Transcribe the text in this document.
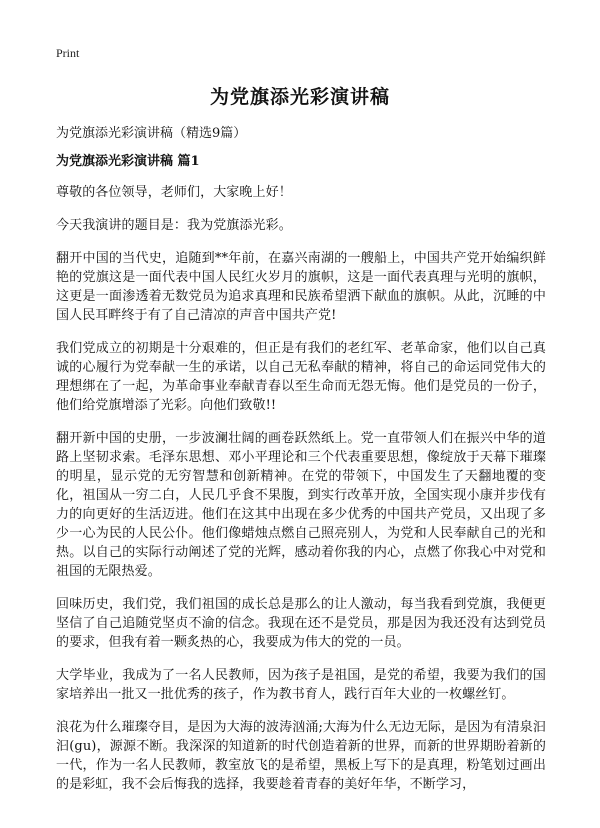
Print
为党旗添光彩演讲稿

为党旗添光彩演讲稿（精选9篇）

为党旗添光彩演讲稿 篇1

尊敬的各位领导，老师们，大家晚上好！

今天我演讲的题目是：我为党旗添光彩。

翻开中国的当代史，追随到**年前，在嘉兴南湖的一艘船上，中国共产党开始编织鲜艳的党旗这是一面代表中国人民红火岁月的旗帜，这是一面代表真理与光明的旗帜，这更是一面渗透着无数党员为追求真理和民族希望洒下献血的旗帜。从此，沉睡的中国人民耳畔终于有了自己清凉的声音中国共产党!

我们党成立的初期是十分艰难的，但正是有我们的老红军、老革命家，他们以自己真诚的心履行为党奉献一生的承诺，以自己无私奉献的精神，将自己的命运同党伟大的理想绑在了一起，为革命事业奉献青春以至生命而无怨无悔。他们是党员的一份子，他们给党旗增添了光彩。向他们致敬!!

翻开新中国的史册，一步波澜壮阔的画卷跃然纸上。党一直带领人们在振兴中华的道路上坚韧求索。毛泽东思想、邓小平理论和三个代表重要思想，像绽放于天幕下璀璨的明星，显示党的无穷智慧和创新精神。在党的带领下，中国发生了天翻地覆的变化，祖国从一穷二白，人民几乎食不果腹，到实行改革开放，全国实现小康并步伐有力的向更好的生活迈进。他们在这其中出现在多少优秀的中国共产党员，又出现了多少一心为民的人民公仆。他们像蜡烛点燃自己照亮别人，为党和人民奉献自己的光和热。以自己的实际行动阐述了党的光辉，感动着你我的内心，点燃了你我心中对党和祖国的无限热爱。

回味历史，我们党，我们祖国的成长总是那么的让人激动，每当我看到党旗，我便更坚信了自己追随党坚贞不渝的信念。我现在还不是党员，那是因为我还没有达到党员的要求，但我有着一颗炙热的心，我要成为伟大的党的一员。

大学毕业，我成为了一名人民教师，因为孩子是祖国，是党的希望，我要为我们的国家培养出一批又一批优秀的孩子，作为教书育人，践行百年大业的一枚螺丝钉。

浪花为什么璀璨夺目，是因为大海的波涛汹涌;大海为什么无边无际，是因为有清泉汩汩(gu)，源源不断。我深深的知道新的时代创造着新的世界，而新的世界期盼着新的一代，作为一名人民教师，教室放飞的是希望，黑板上写下的是真理，粉笔划过画出的是彩虹，我不会后悔我的选择，我要趁着青春的美好年华，不断学习，
